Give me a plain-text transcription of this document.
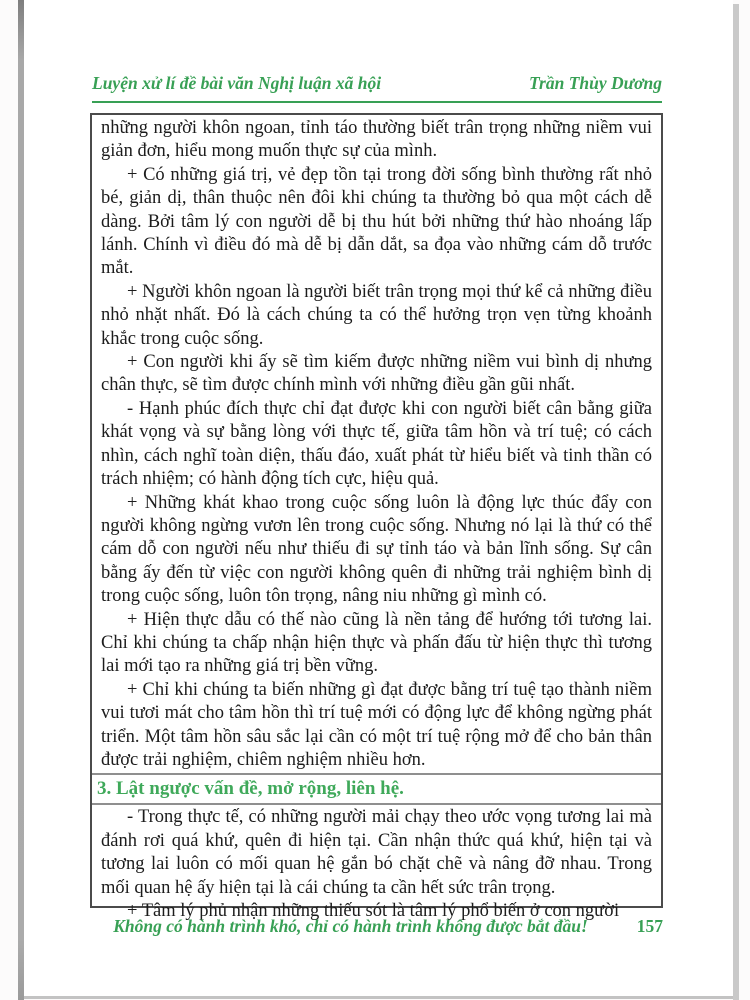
Luyện xử lí đề bài văn Nghị luận xã hội	Trần Thùy Dương

những người khôn ngoan, tỉnh táo thường biết trân trọng những niềm vui giản đơn, hiểu mong muốn thực sự của mình.

+ Có những giá trị, vẻ đẹp tồn tại trong đời sống bình thường rất nhỏ bé, giản dị, thân thuộc nên đôi khi chúng ta thường bỏ qua một cách dễ dàng. Bởi tâm lý con người dễ bị thu hút bởi những thứ hào nhoáng lấp lánh. Chính vì điều đó mà dễ bị dẫn dắt, sa đọa vào những cám dỗ trước mắt.

+ Người khôn ngoan là người biết trân trọng mọi thứ kể cả những điều nhỏ nhặt nhất. Đó là cách chúng ta có thể hưởng trọn vẹn từng khoảnh khắc trong cuộc sống.

+ Con người khi ấy sẽ tìm kiếm được những niềm vui bình dị nhưng chân thực, sẽ tìm được chính mình với những điều gần gũi nhất.

- Hạnh phúc đích thực chỉ đạt được khi con người biết cân bằng giữa khát vọng và sự bằng lòng với thực tế, giữa tâm hồn và trí tuệ; có cách nhìn, cách nghĩ toàn diện, thấu đáo, xuất phát từ hiểu biết và tinh thần có trách nhiệm; có hành động tích cực, hiệu quả.

+ Những khát khao trong cuộc sống luôn là động lực thúc đẩy con người không ngừng vươn lên trong cuộc sống. Nhưng nó lại là thứ có thể cám dỗ con người nếu như thiếu đi sự tỉnh táo và bản lĩnh sống. Sự cân bằng ấy đến từ việc con người không quên đi những trải nghiệm bình dị trong cuộc sống, luôn tôn trọng, nâng niu những gì mình có.

+ Hiện thực dẫu có thế nào cũng là nền tảng để hướng tới tương lai. Chỉ khi chúng ta chấp nhận hiện thực và phấn đấu từ hiện thực thì tương lai mới tạo ra những giá trị bền vững.

+ Chỉ khi chúng ta biến những gì đạt được bằng trí tuệ tạo thành niềm vui tươi mát cho tâm hồn thì trí tuệ mới có động lực để không ngừng phát triển. Một tâm hồn sâu sắc lại cần có một trí tuệ rộng mở để cho bản thân được trải nghiệm, chiêm nghiệm nhiều hơn.

3. Lật ngược vấn đề, mở rộng, liên hệ.

- Trong thực tế, có những người mải chạy theo ước vọng tương lai mà đánh rơi quá khứ, quên đi hiện tại. Cần nhận thức quá khứ, hiện tại và tương lai luôn có mối quan hệ gắn bó chặt chẽ và nâng đỡ nhau. Trong mối quan hệ ấy hiện tại là cái chúng ta cần hết sức trân trọng.

+ Tâm lý phủ nhận những thiếu sót là tâm lý phổ biến ở con người

Không có hành trình khó, chỉ có hành trình không được bắt đầu!	157
